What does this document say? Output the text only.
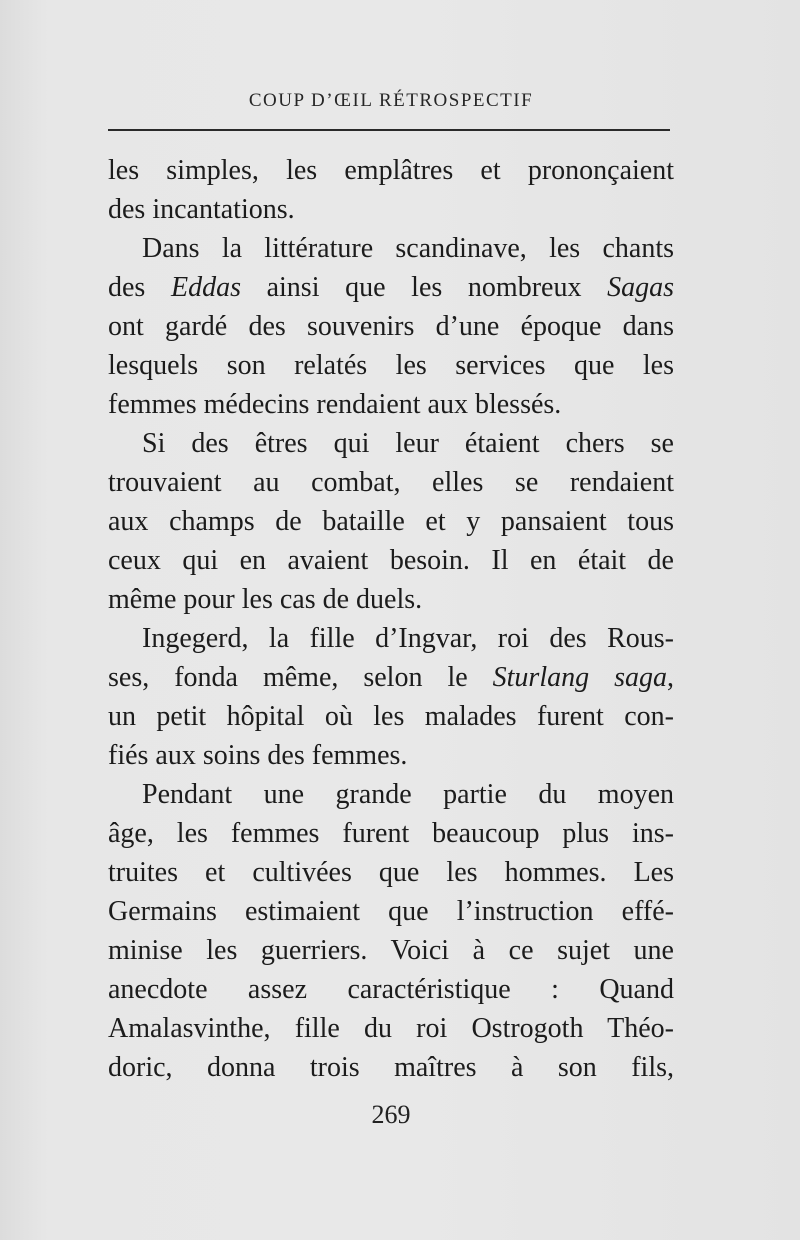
COUP D’ŒIL RÉTROSPECTIF
les simples, les emplâtres et prononçaient
des incantations.
Dans la littérature scandinave, les chants
des Eddas ainsi que les nombreux Sagas
ont gardé des souvenirs d’une époque dans
lesquels son relatés les services que les
femmes médecins rendaient aux blessés.
Si des êtres qui leur étaient chers se
trouvaient au combat, elles se rendaient
aux champs de bataille et y pansaient tous
ceux qui en avaient besoin. Il en était de
même pour les cas de duels.
Ingegerd, la fille d’Ingvar, roi des Rous-
ses, fonda même, selon le Sturlang saga,
un petit hôpital où les malades furent con-
fiés aux soins des femmes.
Pendant une grande partie du moyen
âge, les femmes furent beaucoup plus ins-
truites et cultivées que les hommes. Les
Germains estimaient que l’instruction effé-
minise les guerriers. Voici à ce sujet une
anecdote assez caractéristique : Quand
Amalasvinthe, fille du roi Ostrogoth Théo-
doric, donna trois maîtres à son fils,
269
